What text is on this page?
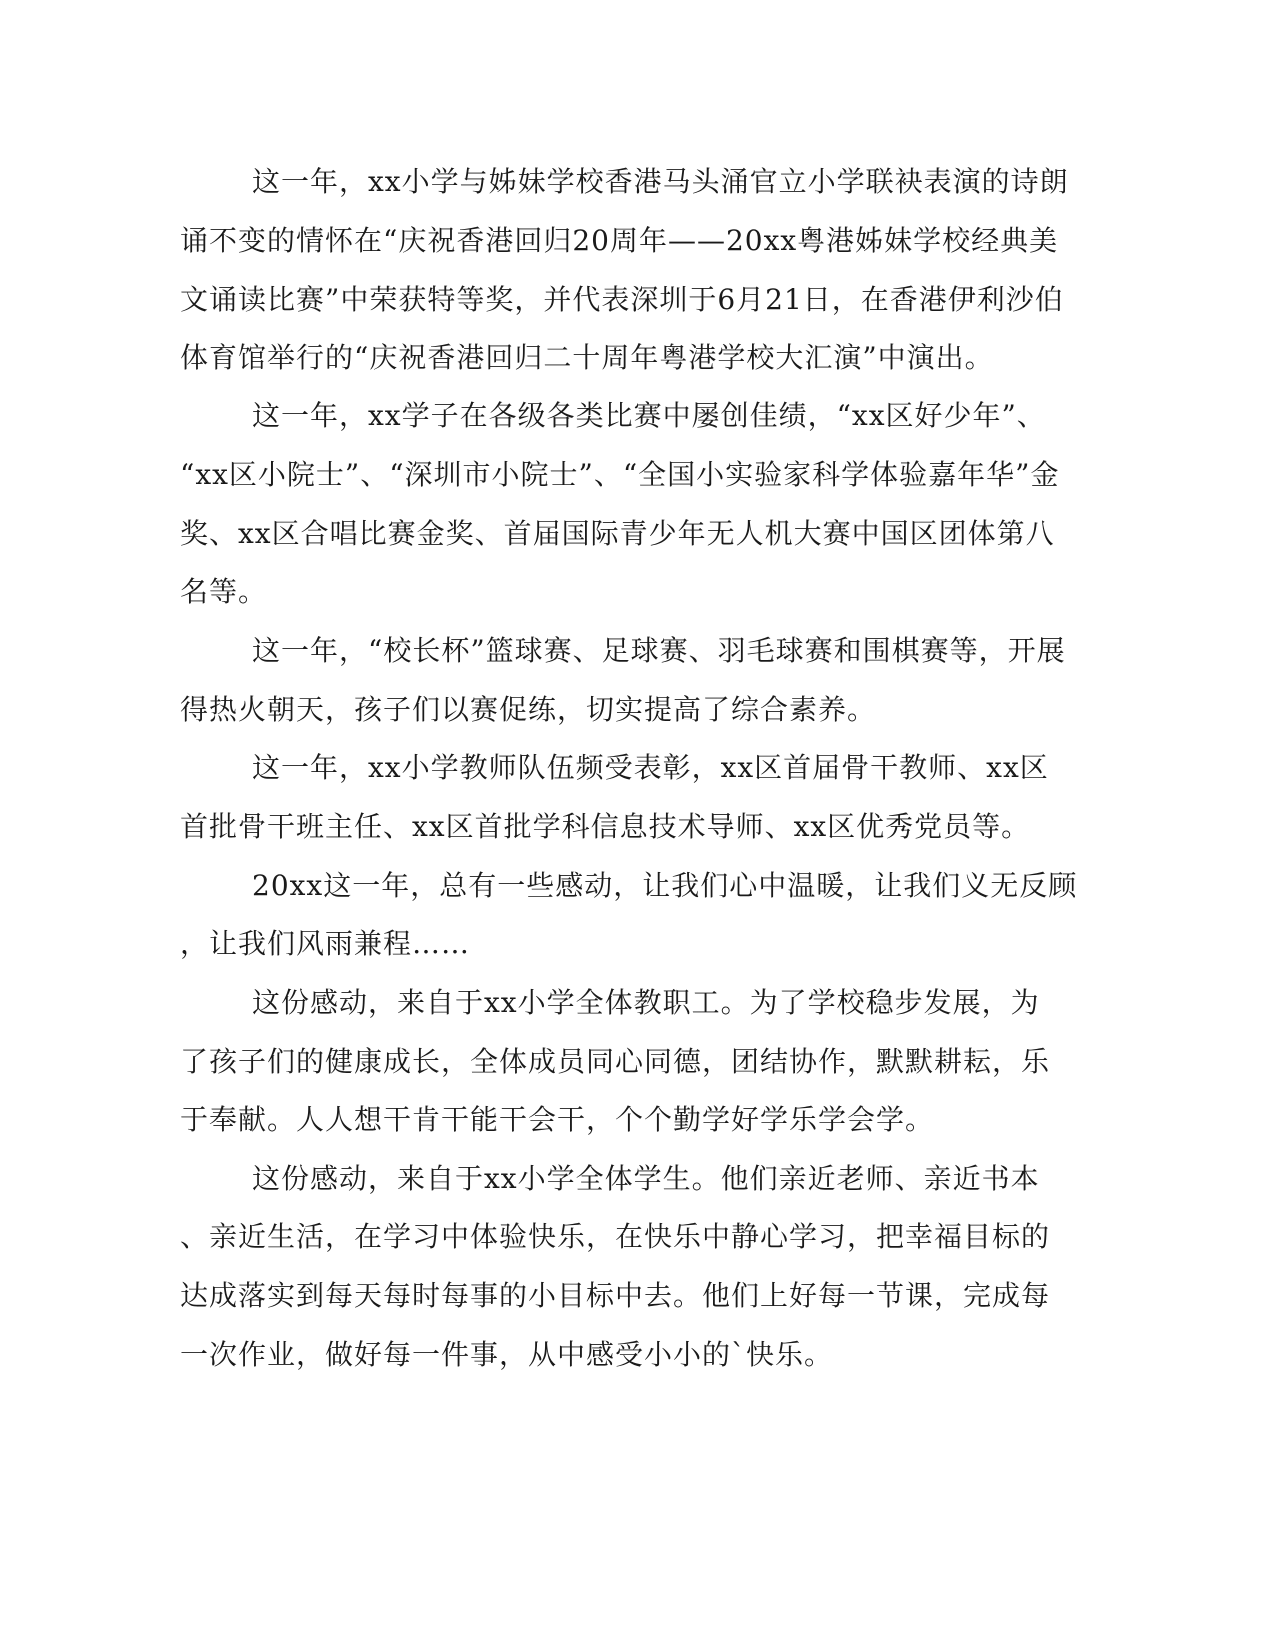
这一年，xx小学与姊妹学校香港马头涌官立小学联袂表演的诗朗
诵不变的情怀在“庆祝香港回归20周年——20xx粤港姊妹学校经典美
文诵读比赛”中荣获特等奖，并代表深圳于6月21日，在香港伊利沙伯
体育馆举行的“庆祝香港回归二十周年粤港学校大汇演”中演出。
这一年，xx学子在各级各类比赛中屡创佳绩，“xx区好少年”、
“xx区小院士”、“深圳市小院士”、“全国小实验家科学体验嘉年华”金
奖、xx区合唱比赛金奖、首届国际青少年无人机大赛中国区团体第八
名等。
这一年，“校长杯”篮球赛、足球赛、羽毛球赛和围棋赛等，开展
得热火朝天，孩子们以赛促练，切实提高了综合素养。
这一年，xx小学教师队伍频受表彰，xx区首届骨干教师、xx区
首批骨干班主任、xx区首批学科信息技术导师、xx区优秀党员等。
20xx这一年，总有一些感动，让我们心中温暖，让我们义无反顾
，让我们风雨兼程……
这份感动，来自于xx小学全体教职工。为了学校稳步发展，为
了孩子们的健康成长，全体成员同心同德，团结协作，默默耕耘，乐
于奉献。人人想干肯干能干会干，个个勤学好学乐学会学。
这份感动，来自于xx小学全体学生。他们亲近老师、亲近书本
、亲近生活，在学习中体验快乐，在快乐中静心学习，把幸福目标的
达成落实到每天每时每事的小目标中去。他们上好每一节课，完成每
一次作业，做好每一件事，从中感受小小的`快乐。
